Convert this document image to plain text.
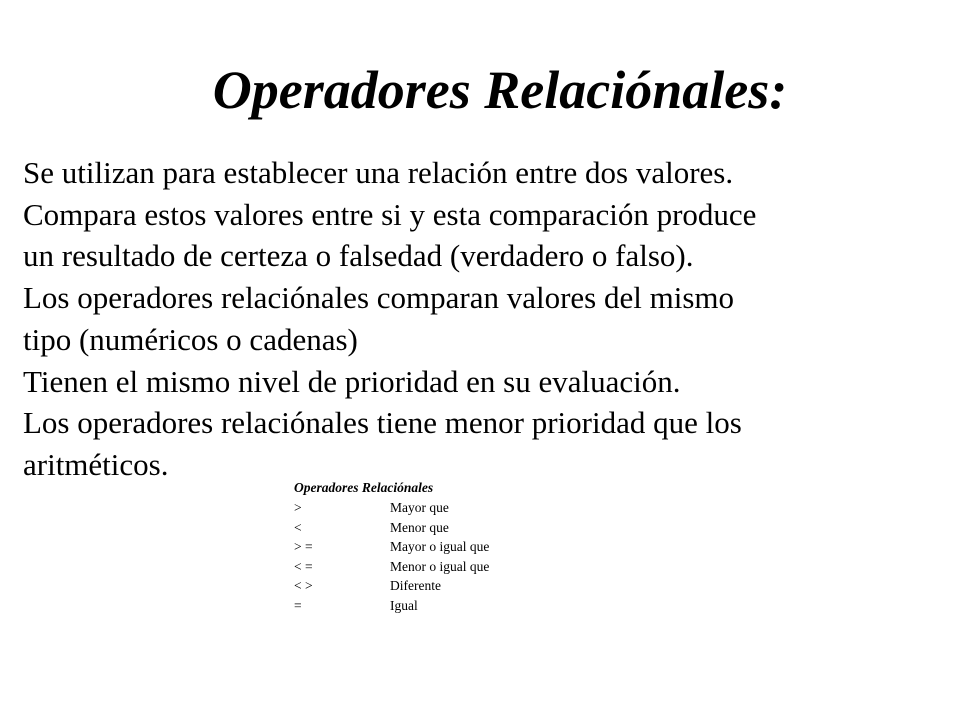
Operadores Relaciónales:
Se utilizan para establecer una relación entre dos valores.
Compara estos valores entre si y esta comparación produce
un resultado de certeza o falsedad (verdadero o falso).
Los operadores relaciónales comparan valores del mismo
tipo (numéricos o cadenas)
Tienen el mismo nivel de prioridad en su evaluación.
Los operadores relaciónales tiene menor prioridad que los
aritméticos.
Operadores Relaciónales
>	Mayor que
<	Menor que
> =	Mayor o igual que
< =	Menor o igual que
< >	Diferente
=	Igual
